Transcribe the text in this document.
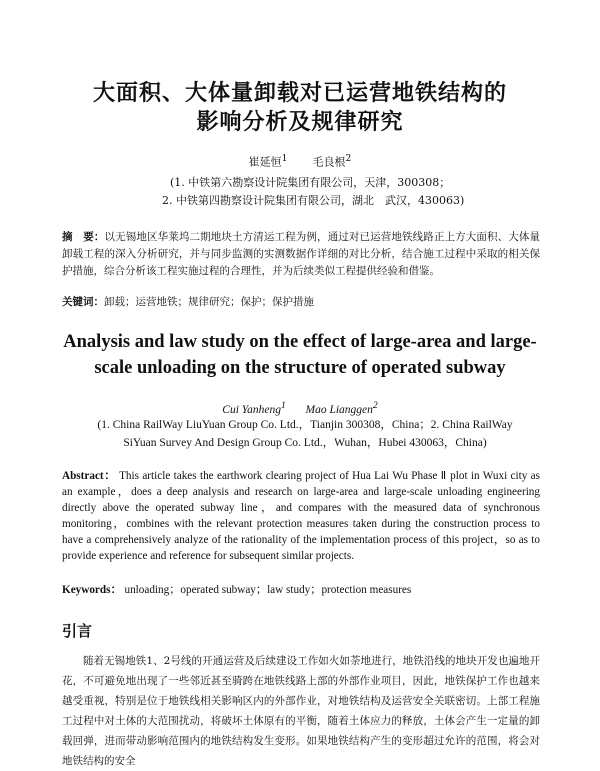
大面积、大体量卸载对已运营地铁结构的
影响分析及规律研究
崔延恒$^1$ 毛良根$^2$
(1. 中铁第六勘察设计院集团有限公司，天津，300308；
2. 中铁第四勘察设计院集团有限公司，湖北　武汉，430063)
摘　要：以无锡地区华莱坞二期地块土方清运工程为例，通过对已运营地铁线路正上方大面积、大体量卸载工程的深入分析研究，并与同步监测的实测数据作详细的对比分析，结合施工过程中采取的相关保护措施，综合分析该工程实施过程的合理性，并为后续类似工程提供经验和借鉴。
关键词：卸载；运营地铁；规律研究；保护；保护措施
Analysis and law study on the effect of large-area and large-
scale unloading on the structure of operated subway
Cui Yanheng$^1$ Mao Lianggen$^2$
(1. China RailWay LiuYuan Group Co. Ltd.，Tianjin 300308，China；2. China RailWay
SiYuan Survey And Design Group Co. Ltd.，Wuhan，Hubei 430063，China)
Abstract： This article takes the earthwork clearing project of Hua Lai Wu Phase Ⅱ plot in Wuxi city as an example，does a deep analysis and research on large-area and large-scale unloading engineering directly above the operated subway line，and compares with the measured data of synchronous monitoring，combines with the relevant protection measures taken during the construction process to have a comprehensively analyze of the rationality of the implementation process of this project，so as to provide experience and reference for subsequent similar projects.
Keywords： unloading；operated subway；law study；protection measures
引言
随着无锡地铁1、2号线的开通运营及后续建设工作如火如荼地进行，地铁沿线的地块开发也遍地开花，不可避免地出现了一些邻近甚至骑跨在地铁线路上部的外部作业项目，因此，地铁保护工作也越来越受重视，特别是位于地铁线相关影响区内的外部作业，对地铁结构及运营安全关联密切。上部工程施工过程中对土体的大范围扰动，将破坏土体原有的平衡，随着土体应力的释放，土体会产生一定量的卸载回弹，进而带动影响范围内的地铁结构发生变形。如果地铁结构产生的变形超过允许的范围，将会对地铁结构的安全
